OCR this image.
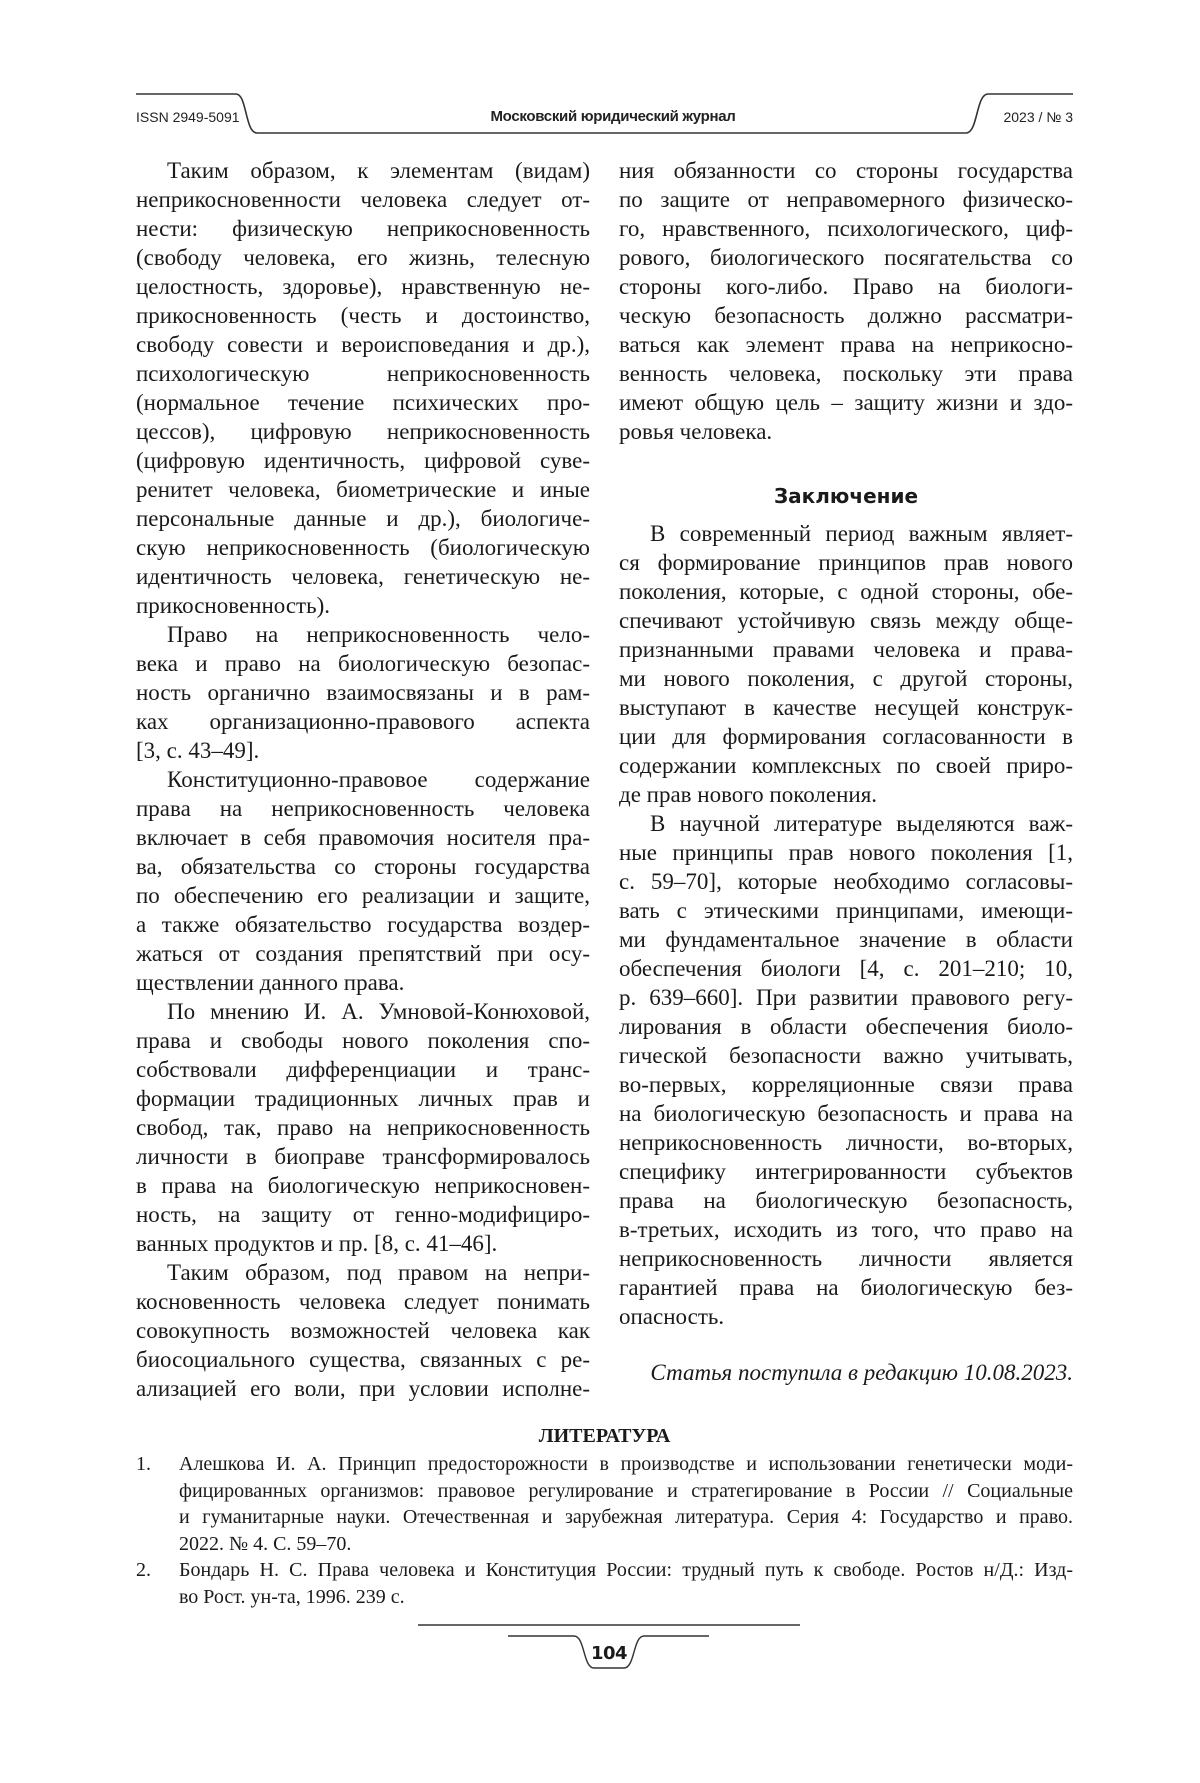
ISSN 2949-5091	Московский юридический журнал	2023 / № 3
Таким образом, к элементам (видам)
неприкосновенности человека следует от-
нести: физическую неприкосновенность
(свободу человека, его жизнь, телесную
целостность, здоровье), нравственную не-
прикосновенность (честь и достоинство,
свободу совести и вероисповедания и др.),
психологическую неприкосновенность
(нормальное течение психических про-
цессов), цифровую неприкосновенность
(цифровую идентичность, цифровой суве-
ренитет человека, биометрические и иные
персональные данные и др.), биологиче-
скую неприкосновенность (биологическую
идентичность человека, генетическую не-
прикосновенность).
Право на неприкосновенность чело-
века и право на биологическую безопас-
ность органично взаимосвязаны и в рам-
ках организационно-правового аспекта
[3, с. 43–49].
Конституционно-правовое содержание
права на неприкосновенность человека
включает в себя правомочия носителя пра-
ва, обязательства со стороны государства
по обеспечению его реализации и защите,
а также обязательство государства воздер-
жаться от создания препятствий при осу-
ществлении данного права.
По мнению И. А. Умновой-Конюховой,
права и свободы нового поколения спо-
собствовали дифференциации и транс-
формации традиционных личных прав и
свобод, так, право на неприкосновенность
личности в биоправе трансформировалось
в права на биологическую неприкосновен-
ность, на защиту от генно-модифициро-
ванных продуктов и пр. [8, с. 41–46].
Таким образом, под правом на непри-
косновенность человека следует понимать
совокупность возможностей человека как
биосоциального существа, связанных с ре-
ализацией его воли, при условии исполне-
ния обязанности со стороны государства
по защите от неправомерного физическо-
го, нравственного, психологического, циф-
рового, биологического посягательства со
стороны кого-либо. Право на биологи-
ческую безопасность должно рассматри-
ваться как элемент права на неприкосно-
венность человека, поскольку эти права
имеют общую цель – защиту жизни и здо-
ровья человека.
Заключение
В современный период важным являет-
ся формирование принципов прав нового
поколения, которые, с одной стороны, обе-
спечивают устойчивую связь между обще-
признанными правами человека и права-
ми нового поколения, с другой стороны,
выступают в качестве несущей конструк-
ции для формирования согласованности в
содержании комплексных по своей приро-
де прав нового поколения.
В научной литературе выделяются важ-
ные принципы прав нового поколения [1,
с. 59–70], которые необходимо согласовы-
вать с этическими принципами, имеющи-
ми фундаментальное значение в области
обеспечения биологи [4, с. 201–210; 10,
p. 639–660]. При развитии правового регу-
лирования в области обеспечения биоло-
гической безопасности важно учитывать,
во-первых, корреляционные связи права
на биологическую безопасность и права на
неприкосновенность личности, во-вторых,
специфику интегрированности субъектов
права на биологическую безопасность,
в-третьих, исходить из того, что право на
неприкосновенность личности является
гарантией права на биологическую без-
опасность.
Статья поступила в редакцию 10.08.2023.
ЛИТЕРАТУРА
1.	Алешкова И. А. Принцип предосторожности в производстве и использовании генетически моди-
фицированных организмов: правовое регулирование и стратегирование в России // Социальные
и гуманитарные науки. Отечественная и зарубежная литература. Серия 4: Государство и право.
2022. № 4. С. 59–70.
2.	Бондарь Н. С. Права человека и Конституция России: трудный путь к свободе. Ростов н/Д.: Изд-
во Рост. ун-та, 1996. 239 с.
104
